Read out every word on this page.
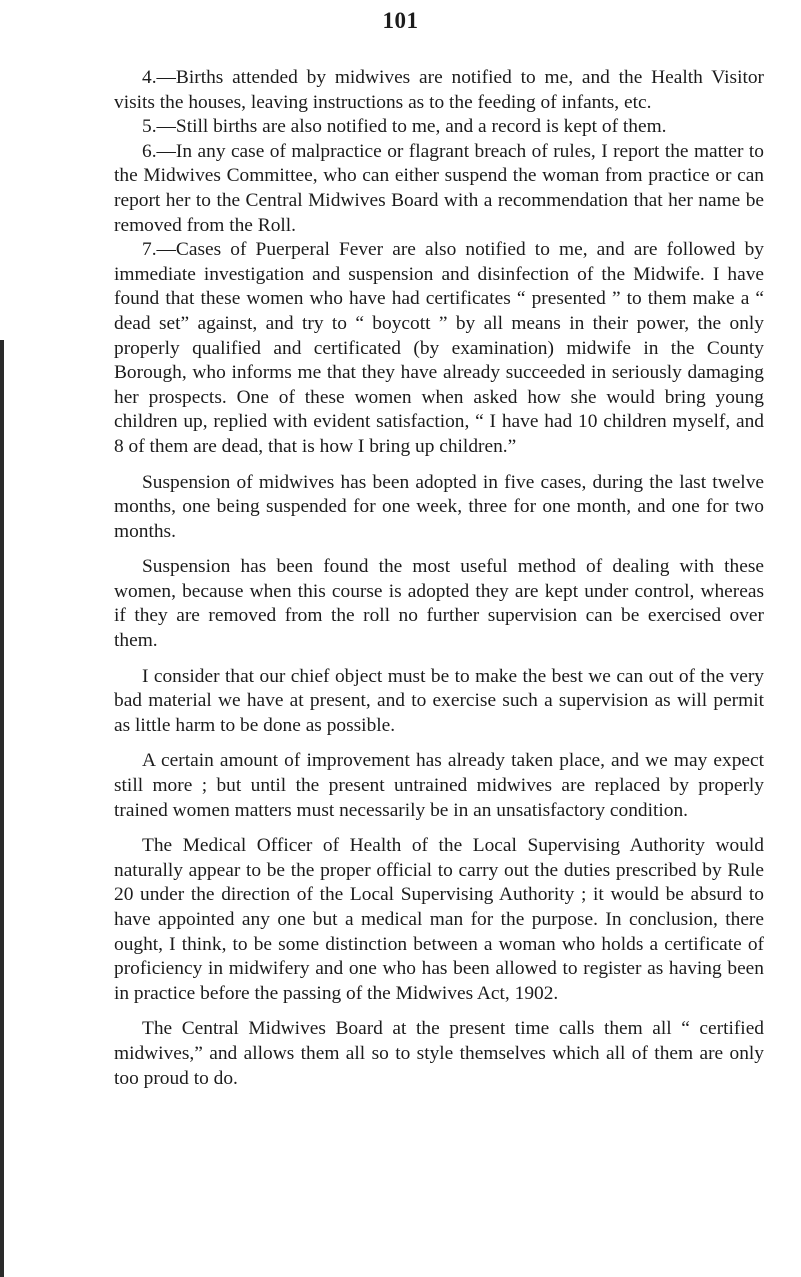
101

4.—Births attended by midwives are notified to me, and the Health Visitor visits the houses, leaving instructions as to the feeding of infants, etc.

5.—Still births are also notified to me, and a record is kept of them.

6.—In any case of malpractice or flagrant breach of rules, I report the matter to the Midwives Committee, who can either suspend the woman from practice or can report her to the Central Midwives Board with a recommendation that her name be removed from the Roll.

7.—Cases of Puerperal Fever are also notified to me, and are followed by immediate investigation and suspension and disinfection of the Midwife. I have found that these women who have had certificates “ presented ” to them make a “ dead set” against, and try to “ boycott ” by all means in their power, the only properly qualified and certificated (by examination) midwife in the County Borough, who informs me that they have already succeeded in seriously damaging her prospects. One of these women when asked how she would bring young children up, replied with evident satisfaction, “ I have had 10 children myself, and 8 of them are dead, that is how I bring up children.”

Suspension of midwives has been adopted in five cases, during the last twelve months, one being suspended for one week, three for one month, and one for two months.

Suspension has been found the most useful method of dealing with these women, because when this course is adopted they are kept under control, whereas if they are removed from the roll no further supervision can be exercised over them.

I consider that our chief object must be to make the best we can out of the very bad material we have at present, and to exercise such a supervision as will permit as little harm to be done as possible.

A certain amount of improvement has already taken place, and we may expect still more ; but until the present untrained midwives are replaced by properly trained women matters must necessarily be in an unsatisfactory condition.

The Medical Officer of Health of the Local Supervising Authority would naturally appear to be the proper official to carry out the duties prescribed by Rule 20 under the direction of the Local Supervising Authority ; it would be absurd to have appointed any one but a medical man for the purpose. In conclusion, there ought, I think, to be some distinction between a woman who holds a certificate of proficiency in midwifery and one who has been allowed to register as having been in practice before the passing of the Midwives Act, 1902.

The Central Midwives Board at the present time calls them all “ certified midwives,” and allows them all so to style themselves which all of them are only too proud to do.
